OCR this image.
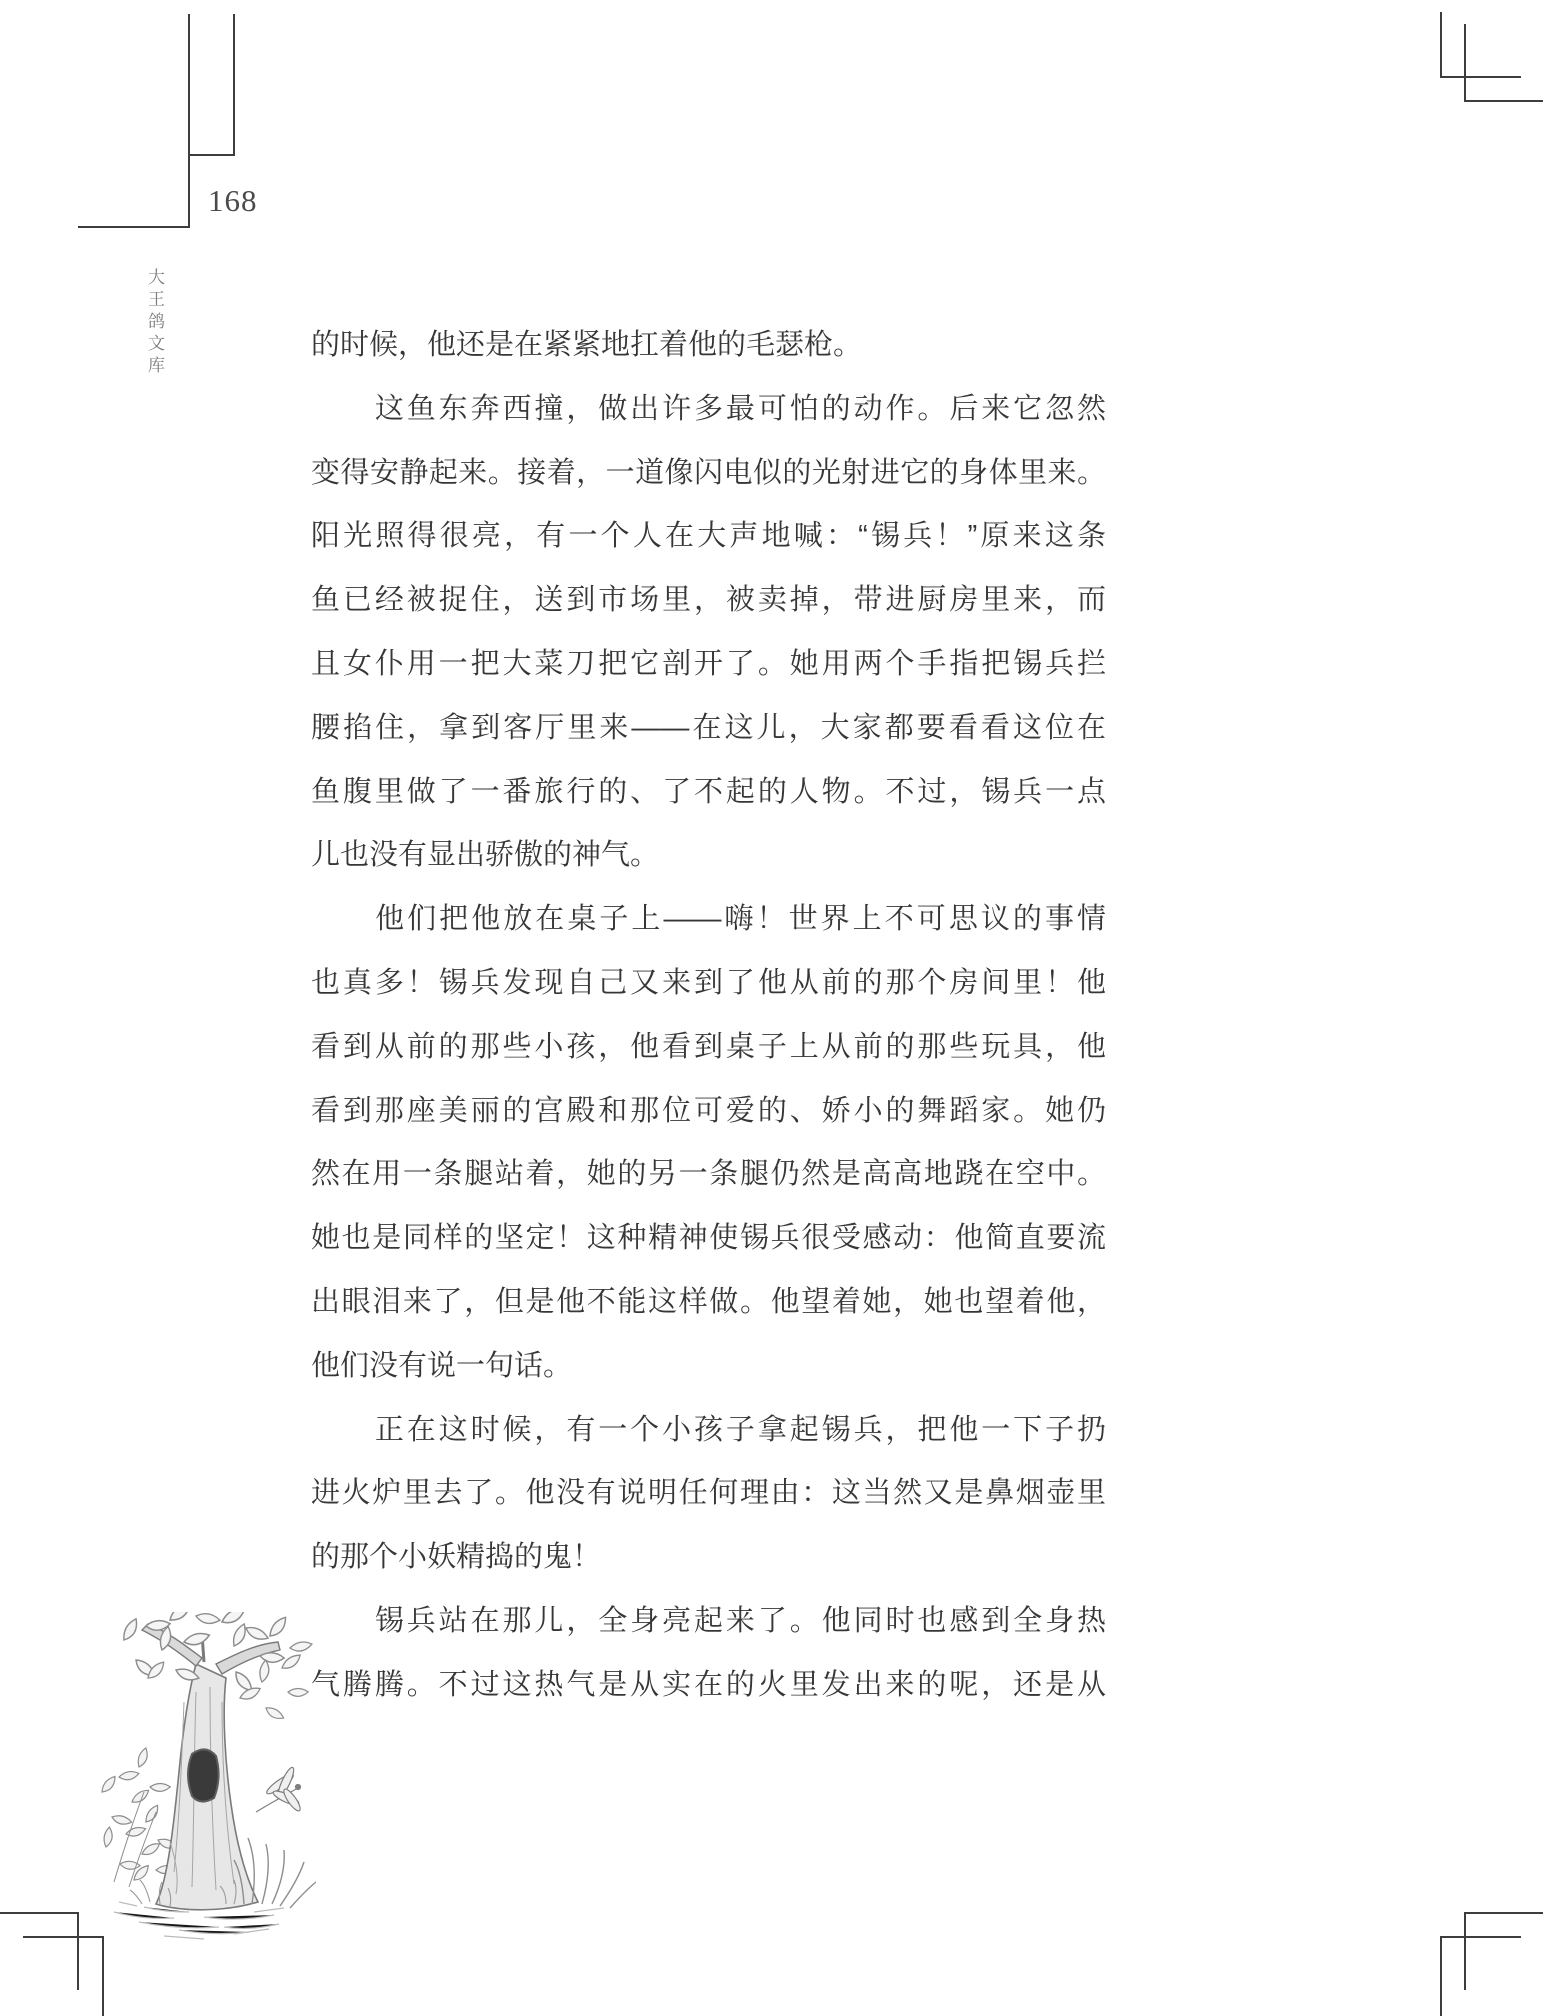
168
大王鸽文库	的时候，他还是在紧紧地扛着他的毛瑟枪。
　　这鱼东奔西撞，做出许多最可怕的动作。后来它忽然
变得安静起来。接着，一道像闪电似的光射进它的身体里来。
阳光照得很亮，有一个人在大声地喊：“锡兵！”原来这条
鱼已经被捉住，送到市场里，被卖掉，带进厨房里来，而
且女仆用一把大菜刀把它剖开了。她用两个手指把锡兵拦
腰掐住，拿到客厅里来——在这儿，大家都要看看这位在
鱼腹里做了一番旅行的、了不起的人物。不过，锡兵一点
儿也没有显出骄傲的神气。
　　他们把他放在桌子上——嗨！世界上不可思议的事情
也真多！锡兵发现自己又来到了他从前的那个房间里！他
看到从前的那些小孩，他看到桌子上从前的那些玩具，他
看到那座美丽的宫殿和那位可爱的、娇小的舞蹈家。她仍
然在用一条腿站着，她的另一条腿仍然是高高地跷在空中。
她也是同样的坚定！这种精神使锡兵很受感动：他简直要流
出眼泪来了，但是他不能这样做。他望着她，她也望着他，
他们没有说一句话。
　　正在这时候，有一个小孩子拿起锡兵，把他一下子扔
进火炉里去了。他没有说明任何理由：这当然又是鼻烟壶里
的那个小妖精捣的鬼！
　　锡兵站在那儿，全身亮起来了。他同时也感到全身热
气腾腾。不过这热气是从实在的火里发出来的呢，还是从
